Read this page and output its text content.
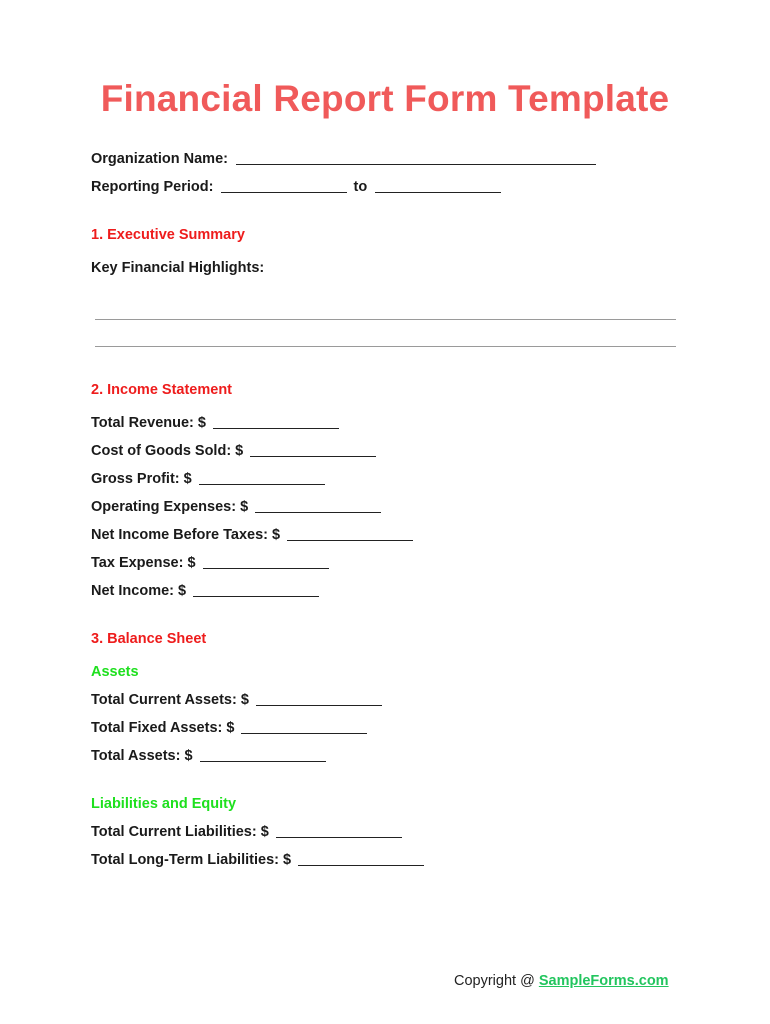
Financial Report Form Template
Organization Name:
Reporting Period:	to
1. Executive Summary
Key Financial Highlights:
2. Income Statement
Total Revenue: $
Cost of Goods Sold: $
Gross Profit: $
Operating Expenses: $
Net Income Before Taxes: $
Tax Expense: $
Net Income: $
3. Balance Sheet
Assets
Total Current Assets: $
Total Fixed Assets: $
Total Assets: $
Liabilities and Equity
Total Current Liabilities: $
Total Long-Term Liabilities: $
Copyright @ SampleForms.com
